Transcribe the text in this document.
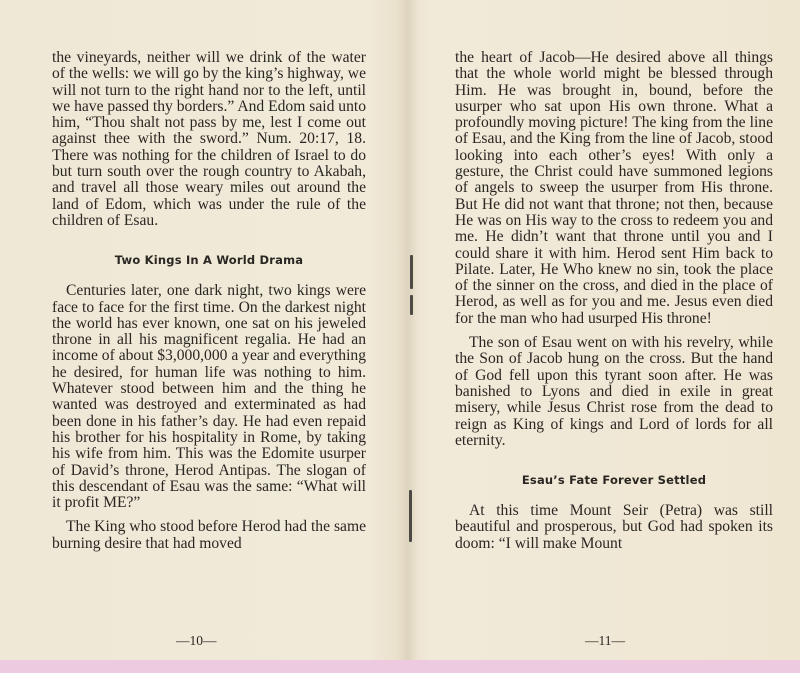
the vineyards, neither will we drink of the water of the wells: we will go by the king’s highway, we will not turn to the right hand nor to the left, until we have passed thy borders.” And Edom said unto him, “Thou shalt not pass by me, lest I come out against thee with the sword.” Num. 20:17, 18. There was nothing for the children of Israel to do but turn south over the rough country to Akabah, and travel all those weary miles out around the land of Edom, which was under the rule of the children of Esau.

Two Kings In A World Drama

Centuries later, one dark night, two kings were face to face for the first time. On the darkest night the world has ever known, one sat on his jeweled throne in all his magnificent regalia. He had an income of about $3,000,000 a year and everything he desired, for human life was nothing to him. Whatever stood between him and the thing he wanted was destroyed and exterminated as had been done in his father’s day. He had even repaid his brother for his hospitality in Rome, by taking his wife from him. This was the Edomite usurper of David’s throne, Herod Antipas. The slogan of this descendant of Esau was the same: “What will it profit ME?”

The King who stood before Herod had the same burning desire that had moved

the heart of Jacob—He desired above all things that the whole world might be blessed through Him. He was brought in, bound, before the usurper who sat upon His own throne. What a profoundly moving picture! The king from the line of Esau, and the King from the line of Jacob, stood looking into each other’s eyes! With only a gesture, the Christ could have summoned legions of angels to sweep the usurper from His throne. But He did not want that throne; not then, because He was on His way to the cross to redeem you and me. He didn’t want that throne until you and I could share it with him. Herod sent Him back to Pilate. Later, He Who knew no sin, took the place of the sinner on the cross, and died in the place of Herod, as well as for you and me. Jesus even died for the man who had usurped His throne!

The son of Esau went on with his revelry, while the Son of Jacob hung on the cross. But the hand of God fell upon this tyrant soon after. He was banished to Lyons and died in exile in great misery, while Jesus Christ rose from the dead to reign as King of kings and Lord of lords for all eternity.

Esau’s Fate Forever Settled

At this time Mount Seir (Petra) was still beautiful and prosperous, but God had spoken its doom: “I will make Mount

—10—	—11—
